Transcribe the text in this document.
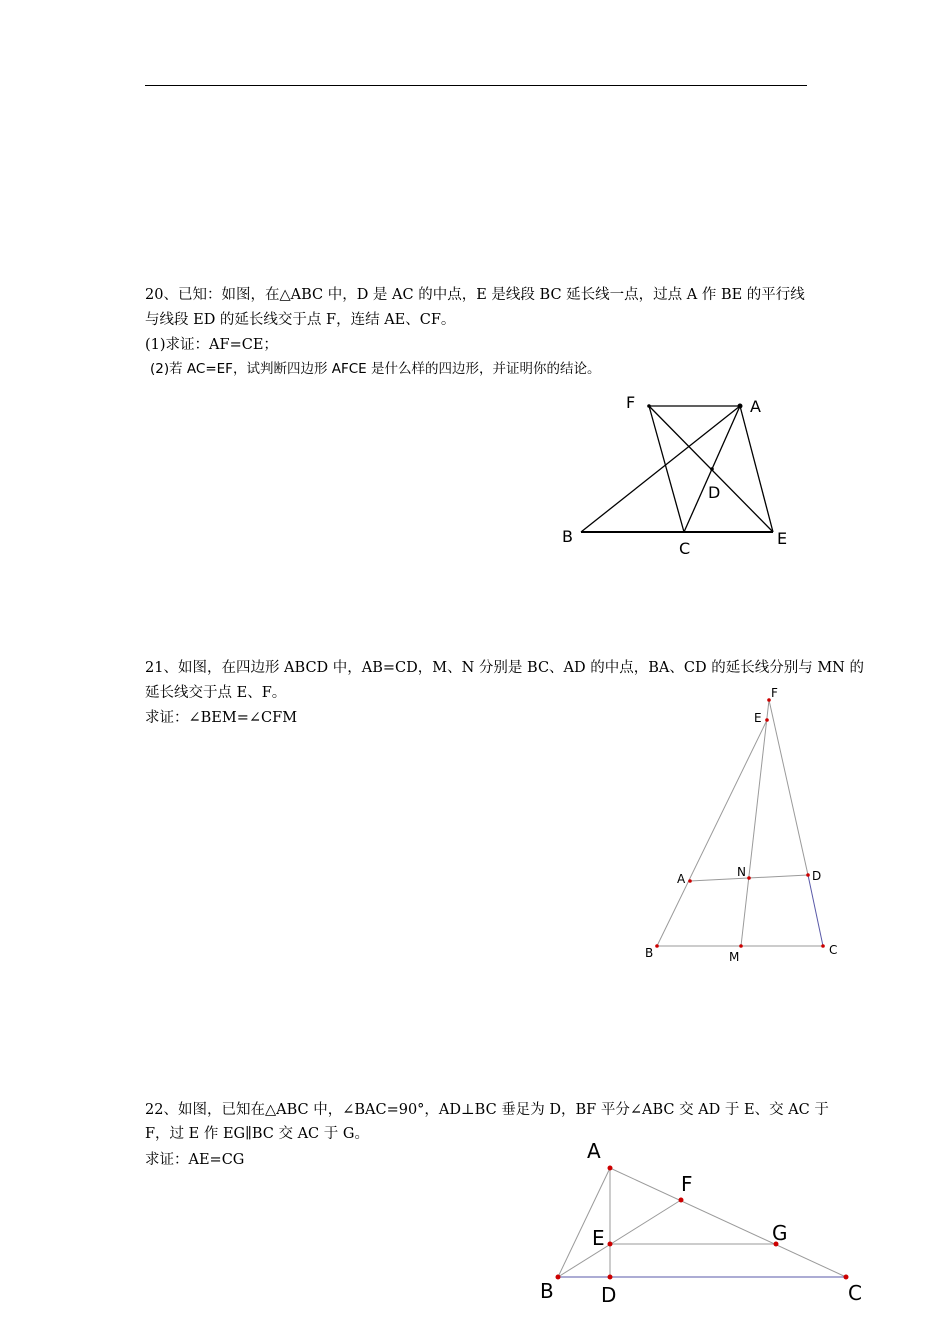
20、已知：如图，在△ABC 中，D 是 AC 的中点，E 是线段 BC 延长线一点，过点 A 作 BE 的平行线
与线段 ED 的延长线交于点 F，连结 AE、CF。
(1)求证：AF=CE；
(2)若 AC=EF，试判断四边形 AFCE 是什么样的四边形，并证明你的结论。
21、如图，在四边形 ABCD 中，AB=CD，M、N 分别是 BC、AD 的中点，BA、CD 的延长线分别与 MN 的
延长线交于点 E、F。
求证：∠BEM=∠CFM
22、如图，已知在△ABC 中，∠BAC=90°，AD⊥BC 垂足为 D，BF 平分∠ABC 交 AD 于 E、交 AC 于
F，过 E 作 EG∥BC 交 AC 于 G。
求证：AE=CG
F	A
D
B
C
E
F
E
A	N	D
B	M	C
A
F
G
E
B D	C
